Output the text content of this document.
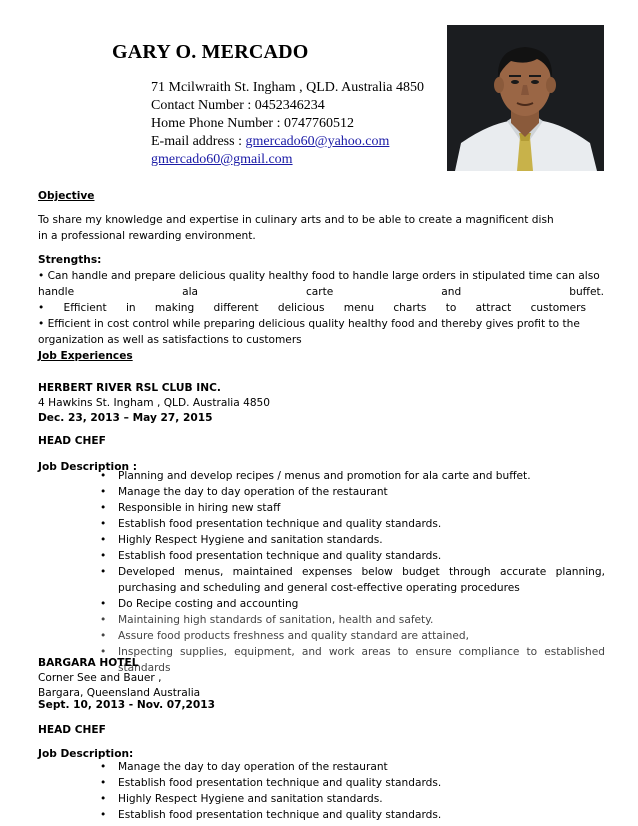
GARY O. MERCADO
71 Mcilwraith St. Ingham , QLD. Australia 4850
Contact Number : 0452346234
Home Phone Number : 0747760512
E-mail address : gmercado60@yahoo.com
gmercado60@gmail.com
Objective
To share my knowledge and expertise in culinary arts and to be able to create a magnificent dish
in a professional rewarding environment.
Strengths:
• Can handle and prepare delicious quality healthy food to handle large orders in stipulated time can also
handle ala carte and buffet.
• Efficient in making different delicious menu charts to attract customers
• Efficient in cost control while preparing delicious quality healthy food and thereby gives profit to the
organization as well as satisfactions to customers
Job Experiences
HERBERT RIVER RSL CLUB INC.
4 Hawkins St. Ingham , QLD. Australia 4850
Dec. 23, 2013 – May 27, 2015
HEAD CHEF
Job Description :
• Planning and develop recipes / menus and promotion for ala carte and buffet.
• Manage the day to day operation of the restaurant
• Responsible in hiring new staff
• Establish food presentation technique and quality standards.
• Highly Respect Hygiene and sanitation standards.
• Establish food presentation technique and quality standards.
• Developed menus, maintained expenses below budget through accurate planning, purchasing and scheduling and general cost-effective operating procedures
• Do Recipe costing and accounting
• Maintaining high standards of sanitation, health and safety.
• Assure food products freshness and quality standard are attained,
• Inspecting supplies, equipment, and work areas to ensure compliance to established standards
BARGARA HOTEL
Corner See and Bauer ,
Bargara, Queensland Australia
Sept. 10, 2013 - Nov. 07,2013
HEAD CHEF
Job Description:
• Manage the day to day operation of the restaurant
• Establish food presentation technique and quality standards.
• Highly Respect Hygiene and sanitation standards.
• Establish food presentation technique and quality standards.
